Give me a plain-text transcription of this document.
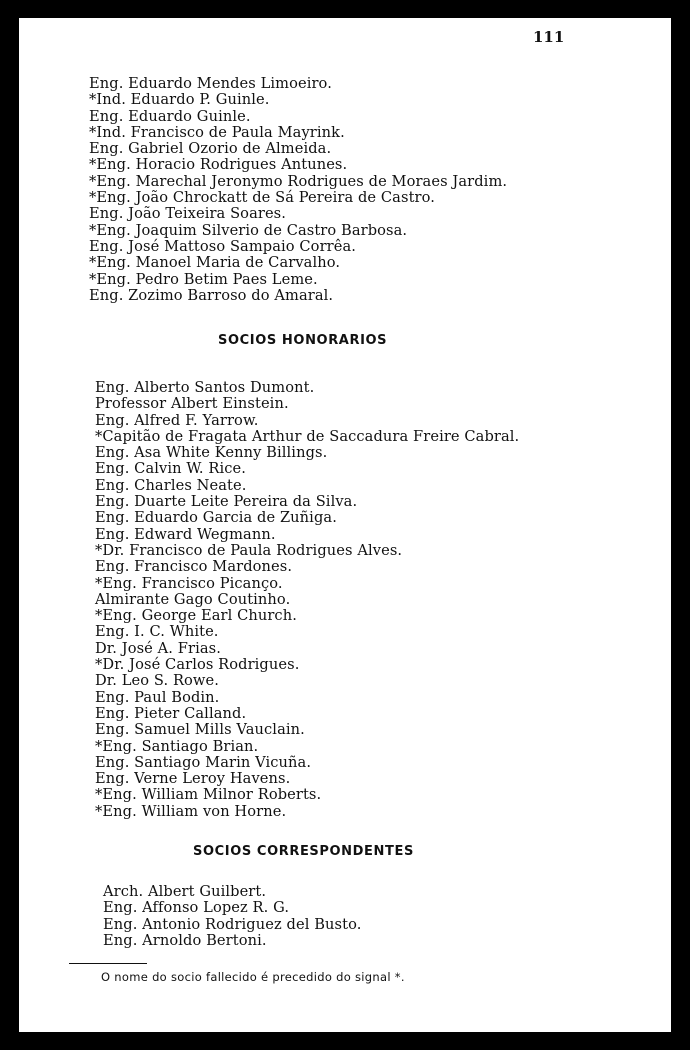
111
Eng. Eduardo Mendes Limoeiro.
*Ind. Eduardo P. Guinle.
Eng. Eduardo Guinle.
*Ind. Francisco de Paula Mayrink.
Eng. Gabriel Ozorio de Almeida.
*Eng. Horacio Rodrigues Antunes.
*Eng. Marechal Jeronymo Rodrigues de Moraes Jardim.
*Eng. João Chrockatt de Sá Pereira de Castro.
Eng. João Teixeira Soares.
*Eng. Joaquim Silverio de Castro Barbosa.
Eng. José Mattoso Sampaio Corrêa.
*Eng. Manoel Maria de Carvalho.
*Eng. Pedro Betim Paes Leme.
Eng. Zozimo Barroso do Amaral.
SOCIOS HONORARIOS
Eng. Alberto Santos Dumont.
Professor Albert Einstein.
Eng. Alfred F. Yarrow.
*Capitão de Fragata Arthur de Saccadura Freire Cabral.
Eng. Asa White Kenny Billings.
Eng. Calvin W. Rice.
Eng. Charles Neate.
Eng. Duarte Leite Pereira da Silva.
Eng. Eduardo Garcia de Zuñiga.
Eng. Edward Wegmann.
*Dr. Francisco de Paula Rodrigues Alves.
Eng. Francisco Mardones.
*Eng. Francisco Picanço.
Almirante Gago Coutinho.
*Eng. George Earl Church.
Eng. I. C. White.
Dr. José A. Frias.
*Dr. José Carlos Rodrigues.
Dr. Leo S. Rowe.
Eng. Paul Bodin.
Eng. Pieter Calland.
Eng. Samuel Mills Vauclain.
*Eng. Santiago Brian.
Eng. Santiago Marin Vicuña.
Eng. Verne Leroy Havens.
*Eng. William Milnor Roberts.
*Eng. William von Horne.
SOCIOS CORRESPONDENTES
Arch. Albert Guilbert.
Eng. Affonso Lopez R. G.
Eng. Antonio Rodriguez del Busto.
Eng. Arnoldo Bertoni.
O nome do socio fallecido é precedido do signal *.
